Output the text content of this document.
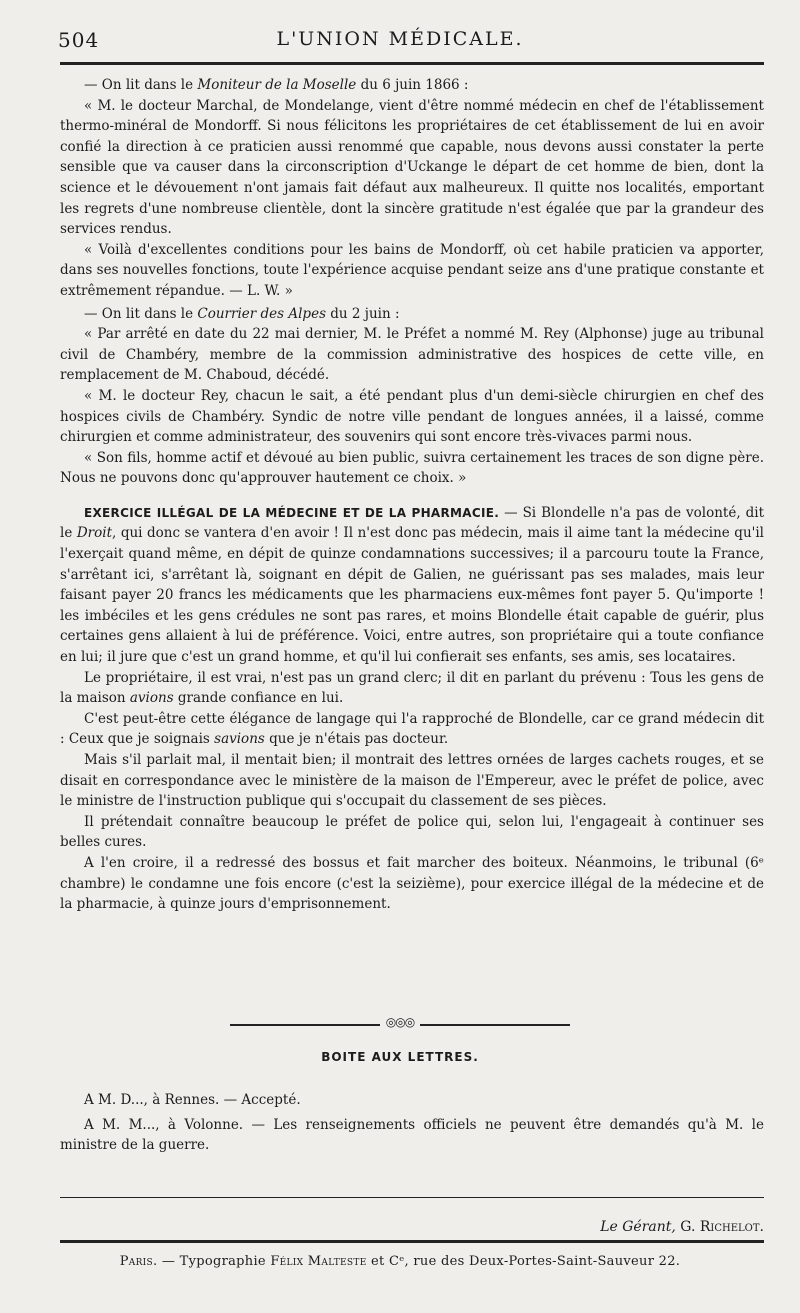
504	L'UNION MÉDICALE.

— On lit dans le Moniteur de la Moselle du 6 juin 1866 :

« M. le docteur Marchal, de Mondelange, vient d'être nommé médecin en chef de l'établissement thermo-minéral de Mondorff. Si nous félicitons les propriétaires de cet établissement de lui en avoir confié la direction à ce praticien aussi renommé que capable, nous devons aussi constater la perte sensible que va causer dans la circonscription d'Uckange le départ de cet homme de bien, dont la science et le dévouement n'ont jamais fait défaut aux malheureux. Il quitte nos localités, emportant les regrets d'une nombreuse clientèle, dont la sincère gratitude n'est égalée que par la grandeur des services rendus.

« Voilà d'excellentes conditions pour les bains de Mondorff, où cet habile praticien va apporter, dans ses nouvelles fonctions, toute l'expérience acquise pendant seize ans d'une pratique constante et extrêmement répandue. — L. W. »

— On lit dans le Courrier des Alpes du 2 juin :

« Par arrêté en date du 22 mai dernier, M. le Préfet a nommé M. Rey (Alphonse) juge au tribunal civil de Chambéry, membre de la commission administrative des hospices de cette ville, en remplacement de M. Chaboud, décédé.

« M. le docteur Rey, chacun le sait, a été pendant plus d'un demi-siècle chirurgien en chef des hospices civils de Chambéry. Syndic de notre ville pendant de longues années, il a laissé, comme chirurgien et comme administrateur, des souvenirs qui sont encore très-vivaces parmi nous.

« Son fils, homme actif et dévoué au bien public, suivra certainement les traces de son digne père. Nous ne pouvons donc qu'approuver hautement ce choix. »

EXERCICE ILLÉGAL DE LA MÉDECINE ET DE LA PHARMACIE. — Si Blondelle n'a pas de volonté, dit le Droit, qui donc se vantera d'en avoir ! Il n'est donc pas médecin, mais il aime tant la médecine qu'il l'exerçait quand même, en dépit de quinze condamnations successives; il a parcouru toute la France, s'arrêtant ici, s'arrêtant là, soignant en dépit de Galien, ne guérissant pas ses malades, mais leur faisant payer 20 francs les médicaments que les pharmaciens eux-mêmes font payer 5. Qu'importe ! les imbéciles et les gens crédules ne sont pas rares, et moins Blondelle était capable de guérir, plus certaines gens allaient à lui de préférence. Voici, entre autres, son propriétaire qui a toute confiance en lui; il jure que c'est un grand homme, et qu'il lui confierait ses enfants, ses amis, ses locataires.

Le propriétaire, il est vrai, n'est pas un grand clerc; il dit en parlant du prévenu : Tous les gens de la maison avions grande confiance en lui.

C'est peut-être cette élégance de langage qui l'a rapproché de Blondelle, car ce grand médecin dit : Ceux que je soignais savions que je n'étais pas docteur.

Mais s'il parlait mal, il mentait bien; il montrait des lettres ornées de larges cachets rouges, et se disait en correspondance avec le ministère de la maison de l'Empereur, avec le préfet de police, avec le ministre de l'instruction publique qui s'occupait du classement de ses pièces.

Il prétendait connaître beaucoup le préfet de police qui, selon lui, l'engageait à continuer ses belles cures.

A l'en croire, il a redressé des bossus et fait marcher des boiteux. Néanmoins, le tribunal (6ᵉ chambre) le condamne une fois encore (c'est la seizième), pour exercice illégal de la médecine et de la pharmacie, à quinze jours d'emprisonnement.

◎◎◎
BOITE AUX LETTRES.

A M. D..., à Rennes. — Accepté.

A M. M..., à Volonne. — Les renseignements officiels ne peuvent être demandés qu'à M. le ministre de la guerre.

Le Gérant, G. Richelot.
Paris. — Typographie Félix Malteste et Cᵉ, rue des Deux-Portes-Saint-Sauveur 22.
